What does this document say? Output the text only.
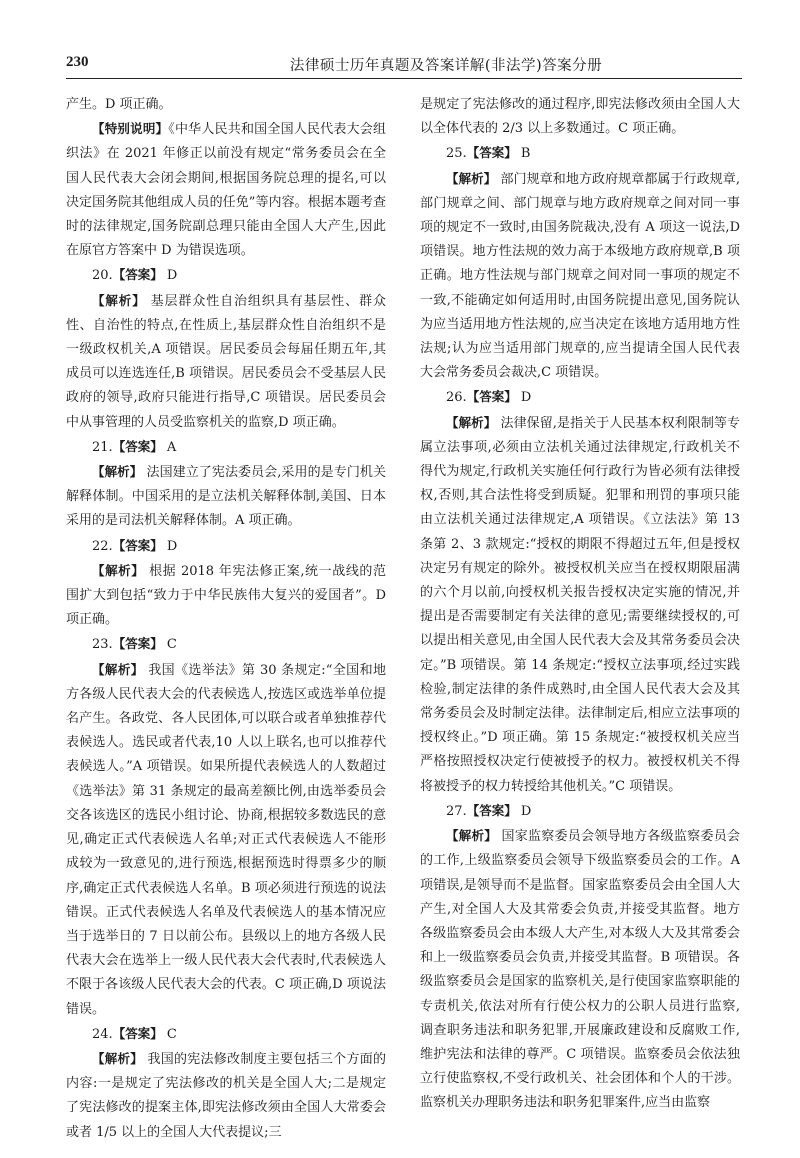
230	法律硕士历年真题及答案详解(非法学)答案分册

产生。D 项正确。

【特别说明】《中华人民共和国全国人民代表大会组织法》在 2021 年修正以前没有规定“常务委员会在全国人民代表大会闭会期间,根据国务院总理的提名,可以决定国务院其他组成人员的任免”等内容。根据本题考查时的法律规定,国务院副总理只能由全国人大产生,因此在原官方答案中 D 为错误选项。

20.【答案】 D

【解析】 基层群众性自治组织具有基层性、群众性、自治性的特点,在性质上,基层群众性自治组织不是一级政权机关,A 项错误。居民委员会每届任期五年,其成员可以连选连任,B 项错误。居民委员会不受基层人民政府的领导,政府只能进行指导,C 项错误。居民委员会中从事管理的人员受监察机关的监察,D 项正确。

21.【答案】 A

【解析】 法国建立了宪法委员会,采用的是专门机关解释体制。中国采用的是立法机关解释体制,美国、日本采用的是司法机关解释体制。A 项正确。

22.【答案】 D

【解析】 根据 2018 年宪法修正案,统一战线的范围扩大到包括“致力于中华民族伟大复兴的爱国者”。D 项正确。

23.【答案】 C

【解析】 我国《选举法》第 30 条规定:“全国和地方各级人民代表大会的代表候选人,按选区或选举单位提名产生。各政党、各人民团体,可以联合或者单独推荐代表候选人。选民或者代表,10 人以上联名,也可以推荐代表候选人。”A 项错误。如果所提代表候选人的人数超过《选举法》第 31 条规定的最高差额比例,由选举委员会交各该选区的选民小组讨论、协商,根据较多数选民的意见,确定正式代表候选人名单;对正式代表候选人不能形成较为一致意见的,进行预选,根据预选时得票多少的顺序,确定正式代表候选人名单。B 项必须进行预选的说法错误。正式代表候选人名单及代表候选人的基本情况应当于选举日的 7 日以前公布。县级以上的地方各级人民代表大会在选举上一级人民代表大会代表时,代表候选人不限于各该级人民代表大会的代表。C 项正确,D 项说法错误。

24.【答案】 C

【解析】 我国的宪法修改制度主要包括三个方面的内容:一是规定了宪法修改的机关是全国人大;二是规定了宪法修改的提案主体,即宪法修改须由全国人大常委会或者 1/5 以上的全国人大代表提议;三

是规定了宪法修改的通过程序,即宪法修改须由全国人大以全体代表的 2/3 以上多数通过。C 项正确。

25.【答案】 B

【解析】 部门规章和地方政府规章都属于行政规章,部门规章之间、部门规章与地方政府规章之间对同一事项的规定不一致时,由国务院裁决,没有 A 项这一说法,D 项错误。地方性法规的效力高于本级地方政府规章,B 项正确。地方性法规与部门规章之间对同一事项的规定不一致,不能确定如何适用时,由国务院提出意见,国务院认为应当适用地方性法规的,应当决定在该地方适用地方性法规;认为应当适用部门规章的,应当提请全国人民代表大会常务委员会裁决,C 项错误。

26.【答案】 D

【解析】 法律保留,是指关于人民基本权利限制等专属立法事项,必须由立法机关通过法律规定,行政机关不得代为规定,行政机关实施任何行政行为皆必须有法律授权,否则,其合法性将受到质疑。犯罪和刑罚的事项只能由立法机关通过法律规定,A 项错误。《立法法》第 13 条第 2、3 款规定:“授权的期限不得超过五年,但是授权决定另有规定的除外。被授权机关应当在授权期限届满的六个月以前,向授权机关报告授权决定实施的情况,并提出是否需要制定有关法律的意见;需要继续授权的,可以提出相关意见,由全国人民代表大会及其常务委员会决定。”B 项错误。第 14 条规定:“授权立法事项,经过实践检验,制定法律的条件成熟时,由全国人民代表大会及其常务委员会及时制定法律。法律制定后,相应立法事项的授权终止。”D 项正确。第 15 条规定:“被授权机关应当严格按照授权决定行使被授予的权力。被授权机关不得将被授予的权力转授给其他机关。”C 项错误。

27.【答案】 D

【解析】 国家监察委员会领导地方各级监察委员会的工作,上级监察委员会领导下级监察委员会的工作。A 项错误,是领导而不是监督。国家监察委员会由全国人大产生,对全国人大及其常委会负责,并接受其监督。地方各级监察委员会由本级人大产生,对本级人大及其常委会和上一级监察委员会负责,并接受其监督。B 项错误。各级监察委员会是国家的监察机关,是行使国家监察职能的专责机关,依法对所有行使公权力的公职人员进行监察,调查职务违法和职务犯罪,开展廉政建设和反腐败工作,维护宪法和法律的尊严。C 项错误。监察委员会依法独立行使监察权,不受行政机关、社会团体和个人的干涉。监察机关办理职务违法和职务犯罪案件,应当由监察
